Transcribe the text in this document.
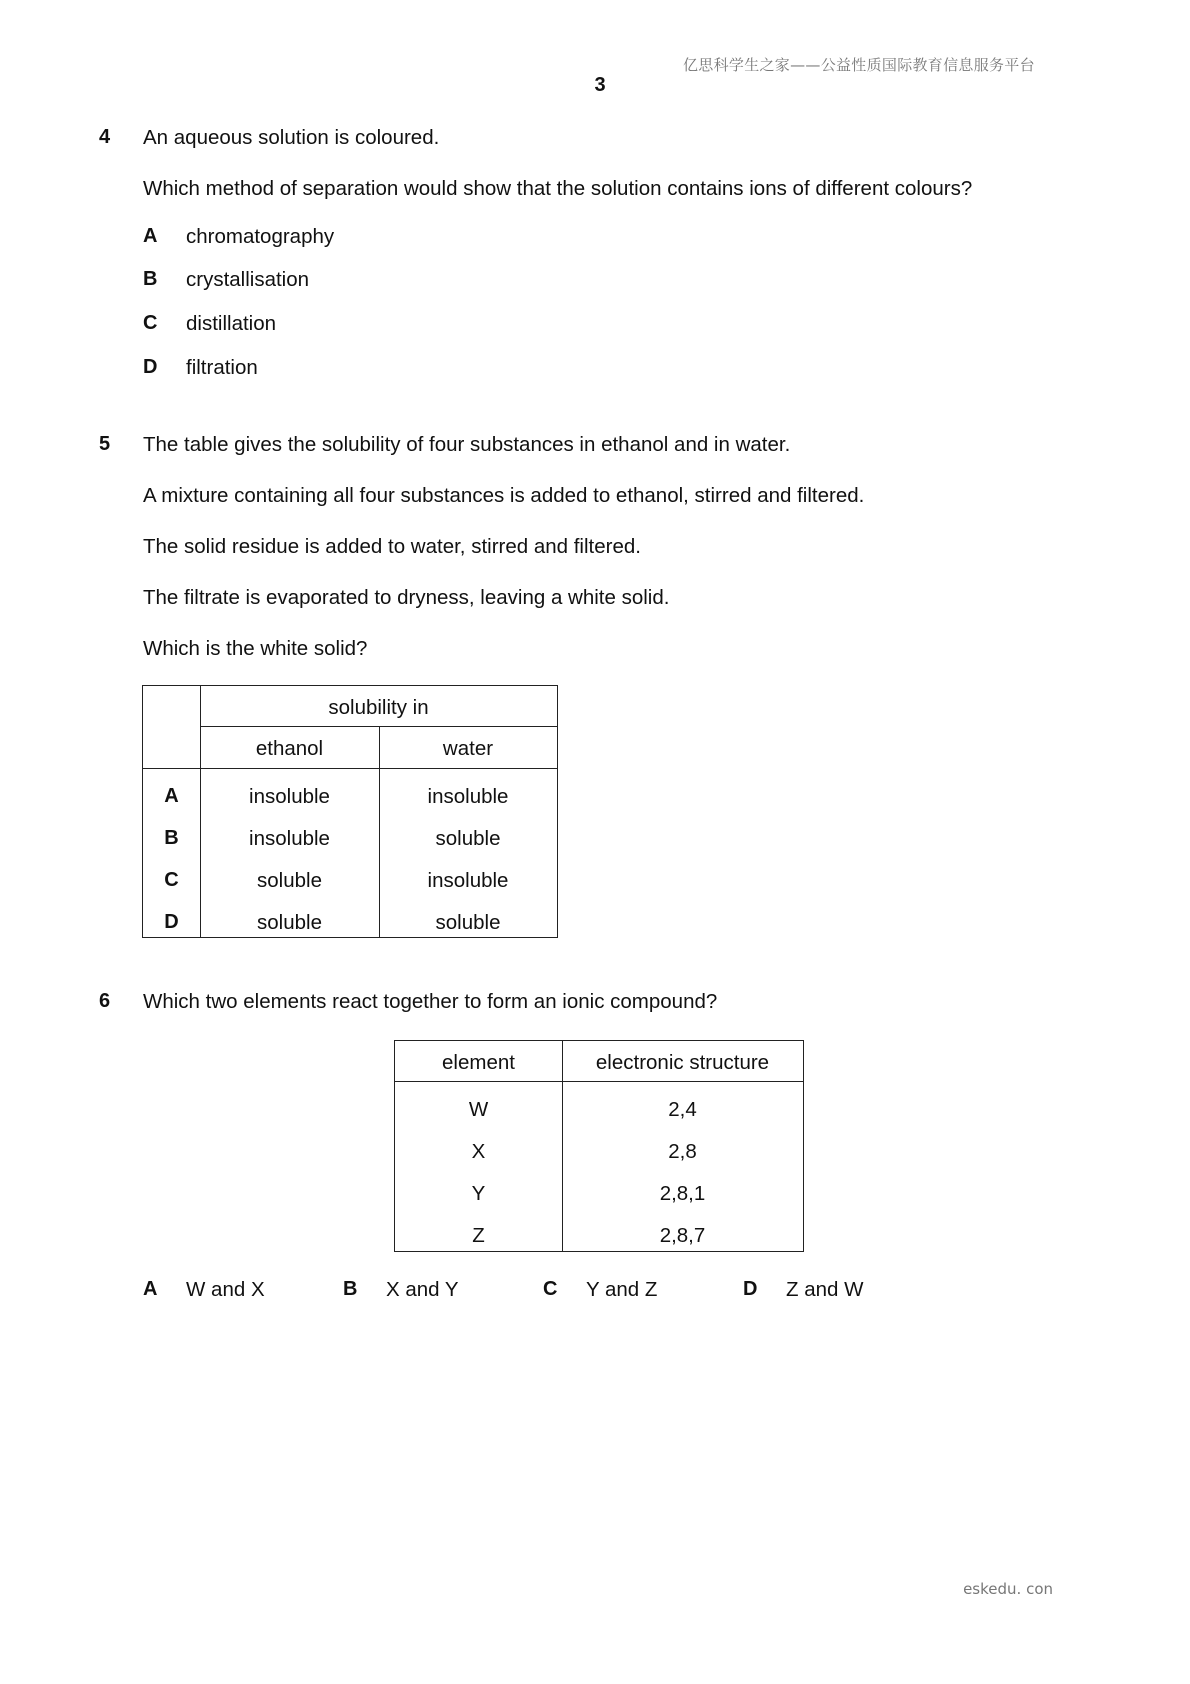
亿思科学生之家——公益性质国际教育信息服务平台
3
4 An aqueous solution is coloured.
Which method of separation would show that the solution contains ions of different colours?
A chromatography
B crystallisation
C distillation
D filtration
5 The table gives the solubility of four substances in ethanol and in water.
A mixture containing all four substances is added to ethanol, stirred and filtered.
The solid residue is added to water, stirred and filtered.
The filtrate is evaporated to dryness, leaving a white solid.
Which is the white solid?
solubility in
ethanol	water
A	insoluble	insoluble
B	insoluble	soluble
C	soluble	insoluble
D	soluble	soluble
6 Which two elements react together to form an ionic compound?
element	electronic structure
W	2,4
X	2,8
Y	2,8,1
Z	2,8,7
A W and X	B X and Y	C Y and Z	D Z and W
eskedu. con
